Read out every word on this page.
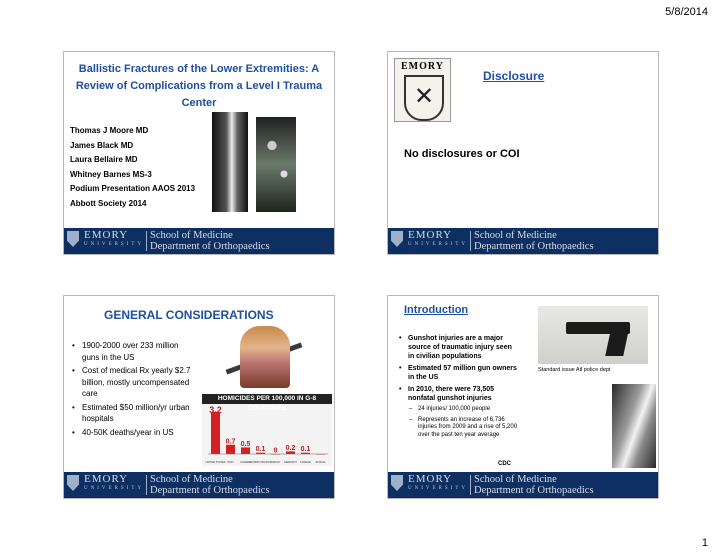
5/8/2014
Ballistic Fractures of the Lower Extremities: A Review of Complications from a Level I Trauma Center
Thomas J Moore MD
James Black MD
Laura Bellaire MD
Whitney Barnes MS-3
Podium Presentation AAOS 2013
Abbott Society 2014
EMORY
UNIVERSITY
School of Medicine
Department of Orthopaedics
EMORY
✕
Disclosure
No disclosures or COI
EMORY
UNIVERSITY
School of Medicine
Department of Orthopaedics
GENERAL CONSIDERATIONS
• 1900-2000 over 233 million guns in the US
• Cost of medical Rx yearly $2.7 billion, mostly uncompensated care
• Estimated $50 million/yr urban hospitals
• 40-50K deaths/year in US
HOMICIDES PER 100,000 IN G-8 COUNTRIES
3.2
UNITED STATES
0.7
ITALY
0.5
CANADA
0.1
UNITED KINGDOM
0
JAPAN
0.2
GERMANY
0.1
FRANCE RUSSIA
EMORY
UNIVERSITY
School of Medicine
Department of Orthopaedics
Introduction
• Gunshot injuries are a major source of traumatic injury seen in civilian populations
• Estimated 57 million gun owners in the US
• In 2010, there were 73,505 nonfatal gunshot injuries
– 24 injuries/ 100,000 people
– Represents an increase of 6,736 injuries from 2009 and a rise of 5,200 over the past ten year average
CDC
Standard issue Atl police dept
EMORY
UNIVERSITY
School of Medicine
Department of Orthopaedics
1
